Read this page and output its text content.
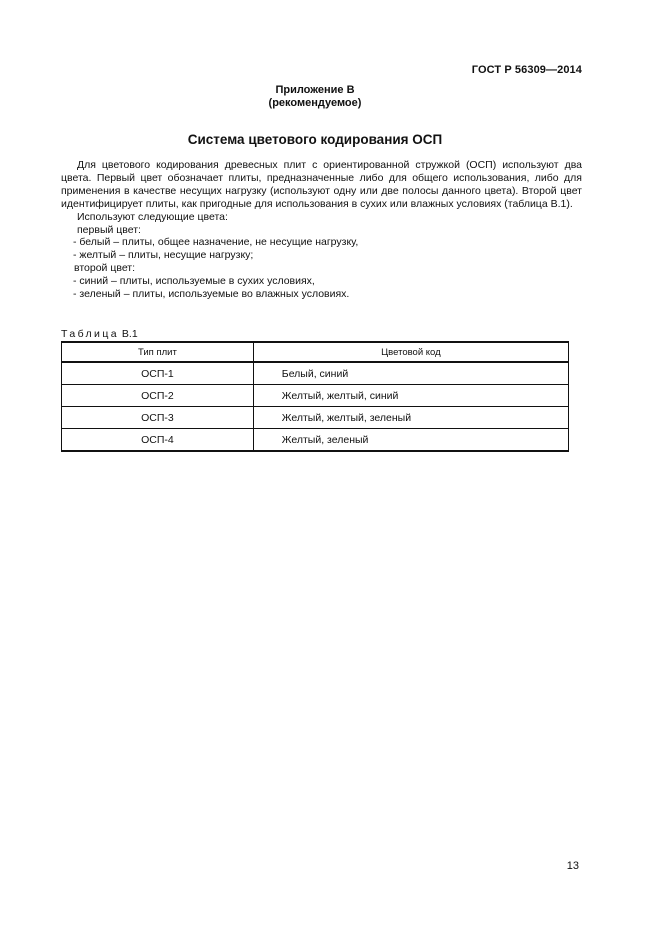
ГОСТ Р 56309—2014
Приложение В
(рекомендуемое)
Система цветового кодирования ОСП

Для цветового кодирования древесных плит с ориентированной стружкой (ОСП) используют два цвета. Первый цвет обозначает плиты, предназначенные либо для общего использования, либо для применения в качестве несущих нагрузку (используют одну или две полосы данного цвета). Второй цвет идентифицирует плиты, как пригодные для использования в сухих или влажных условиях (таблица В.1).

Используют следующие цвета:

первый цвет:

- белый – плиты, общее назначение, не несущие нагрузку,

- желтый – плиты, несущие нагрузку;

второй цвет:

- синий – плиты, используемые в сухих условиях,

- зеленый – плиты, используемые во влажных условиях.

Таблица В.1
Тип плит	Цветовой код
ОСП-1	Белый, синий
ОСП-2	Желтый, желтый, синий
ОСП-3	Желтый, желтый, зеленый
ОСП-4	Желтый, зеленый
13
